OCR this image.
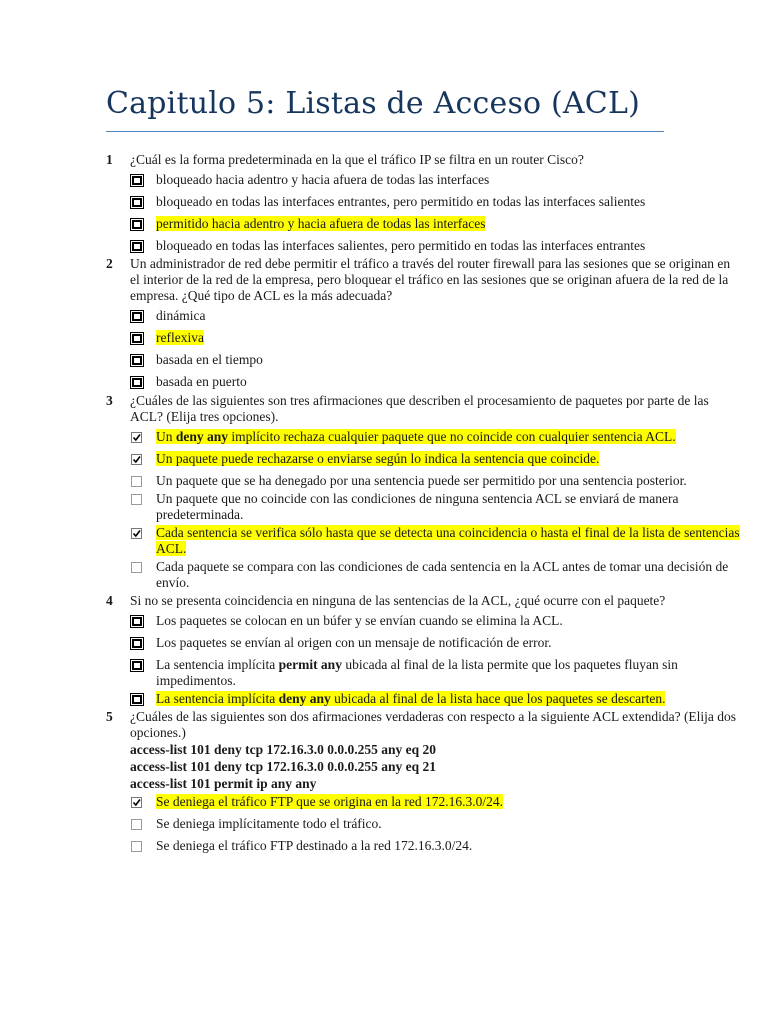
Capitulo 5: Listas de Acceso (ACL)
1	¿Cuál es la forma predeterminada en la que el tráfico IP se filtra en un router Cisco?
bloqueado hacia adentro y hacia afuera de todas las interfaces
bloqueado en todas las interfaces entrantes, pero permitido en todas las interfaces salientes
permitido hacia adentro y hacia afuera de todas las interfaces
bloqueado en todas las interfaces salientes, pero permitido en todas las interfaces entrantes
2	Un administrador de red debe permitir el tráfico a través del router firewall para las sesiones que se originan en el interior de la red de la empresa, pero bloquear el tráfico en las sesiones que se originan afuera de la red de la empresa. ¿Qué tipo de ACL es la más adecuada?
dinámica
reflexiva
basada en el tiempo
basada en puerto
3	¿Cuáles de las siguientes son tres afirmaciones que describen el procesamiento de paquetes por parte de las ACL? (Elija tres opciones).
Un deny any implícito rechaza cualquier paquete que no coincide con cualquier sentencia ACL.
Un paquete puede rechazarse o enviarse según lo indica la sentencia que coincide.
Un paquete que se ha denegado por una sentencia puede ser permitido por una sentencia posterior.
Un paquete que no coincide con las condiciones de ninguna sentencia ACL se enviará de manera predeterminada.
Cada sentencia se verifica sólo hasta que se detecta una coincidencia o hasta el final de la lista de sentencias ACL.
Cada paquete se compara con las condiciones de cada sentencia en la ACL antes de tomar una decisión de envío.
4	Si no se presenta coincidencia en ninguna de las sentencias de la ACL, ¿qué ocurre con el paquete?
Los paquetes se colocan en un búfer y se envían cuando se elimina la ACL.
Los paquetes se envían al origen con un mensaje de notificación de error.
La sentencia implícita permit any ubicada al final de la lista permite que los paquetes fluyan sin impedimentos.
La sentencia implícita deny any ubicada al final de la lista hace que los paquetes se descarten.
5	¿Cuáles de las siguientes son dos afirmaciones verdaderas con respecto a la siguiente ACL extendida? (Elija dos opciones.)
access-list 101 deny tcp 172.16.3.0 0.0.0.255 any eq 20
access-list 101 deny tcp 172.16.3.0 0.0.0.255 any eq 21
access-list 101 permit ip any any
Se deniega el tráfico FTP que se origina en la red 172.16.3.0/24.
Se deniega implícitamente todo el tráfico.
Se deniega el tráfico FTP destinado a la red 172.16.3.0/24.
